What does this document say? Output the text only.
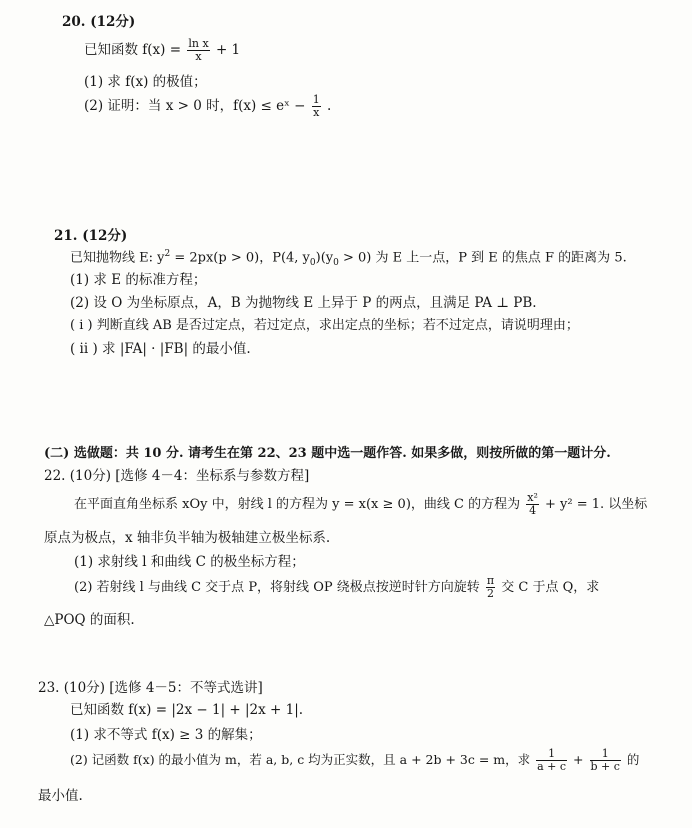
20. (12分)
已知函数 $f(x) = \frac{\text{ln x}}{x} + 1$
(1) 求 f(x) 的极值；
(2) 证明：当 x > 0 时，f(x) ≤ eˣ − $\frac{1}{x}$ .
21. (12分)
已知抛物线 E: $y^2 = 2px(p > 0)$，P(4, $y_0)(y_0 > 0)$ 为 E 上一点，P 到 E 的焦点 F 的距离为 5.
(1) 求 E 的标准方程；
(2) 设 O 为坐标原点，A，B 为抛物线 E 上异于 P 的两点，且满足 PA ⊥ PB.
( i ) 判断直线 AB 是否过定点，若过定点，求出定点的坐标；若不过定点，请说明理由；
( ii ) 求 |FA| · |FB| 的最小值.
(二) 选做题：共 10 分. 请考生在第 22、23 题中选一题作答. 如果多做，则按所做的第一题计分.
22. (10分) [选修 4－4：坐标系与参数方程]
在平面直角坐标系 xOy 中，射线 l 的方程为 y = x(x ≥ 0)，曲线 C 的方程为 $\frac{\text{x²}}{4} + y^2 = 1$. 以坐标
原点为极点，x 轴非负半轴为极轴建立极坐标系.
(1) 求射线 l 和曲线 C 的极坐标方程；
(2) 若射线 l 与曲线 C 交于点 P，将射线 OP 绕极点按逆时针方向旋转 $\frac{\pi}{2}$ 交 C 于点 Q，求
△POQ 的面积.
23. (10分) [选修 4－5：不等式选讲]
已知函数 f(x) = |2x − 1| + |2x + 1|.
(1) 求不等式 f(x) ≥ 3 的解集；
(2) 记函数 f(x) 的最小值为 m，若 a, b, c 均为正实数，且 a + 2b + 3c = m，求 $\frac{1}{a + c} + \frac{1}{b + c}$ 的
最小值.
